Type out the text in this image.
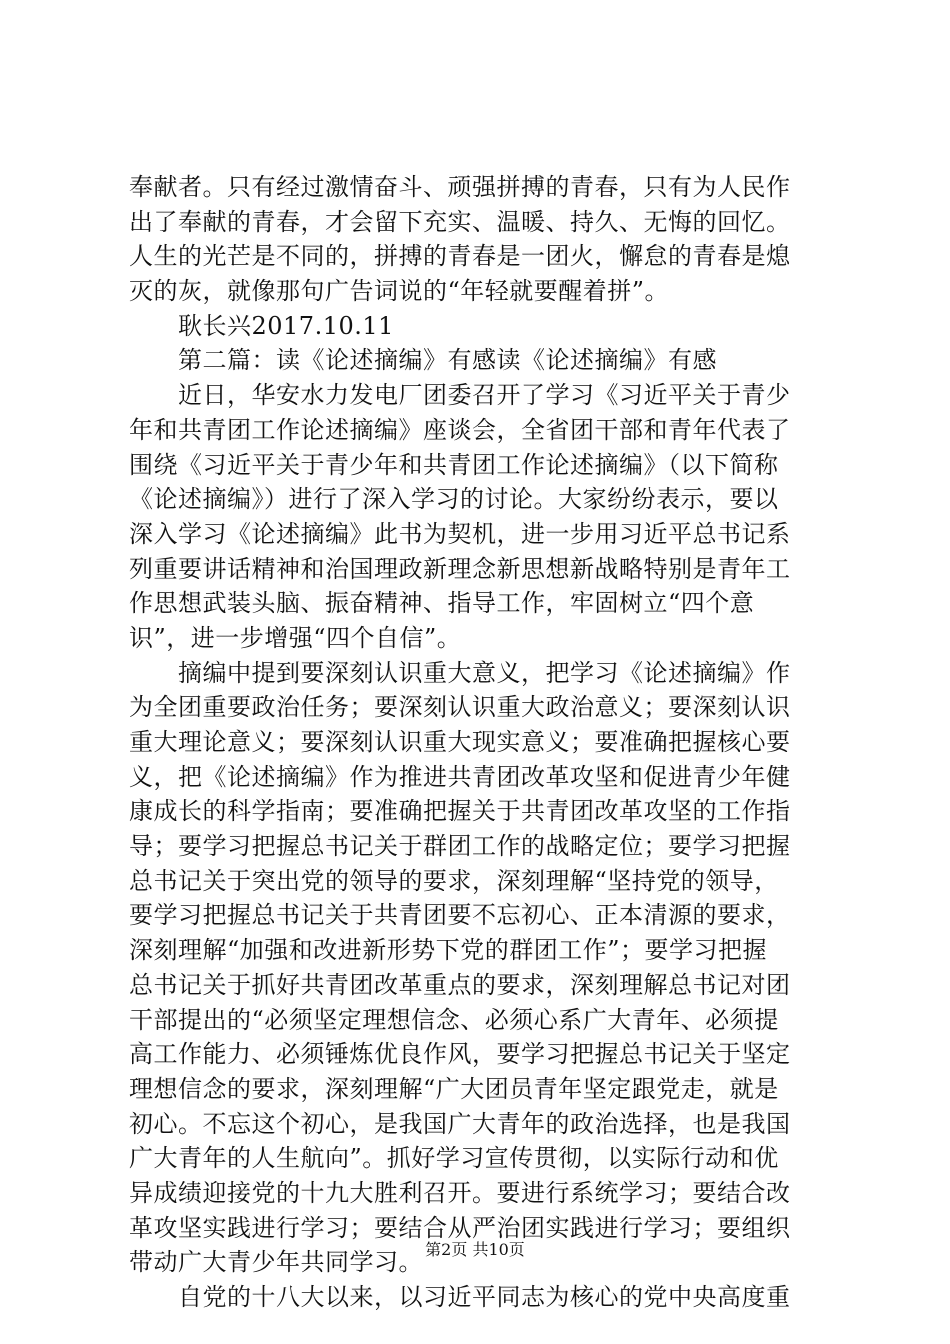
奉献者。只有经过激情奋斗、顽强拼搏的青春，只有为人民作
出了奉献的青春，才会留下充实、温暖、持久、无悔的回忆。
人生的光芒是不同的，拼搏的青春是一团火，懈怠的青春是熄
灭的灰，就像那句广告词说的“年轻就要醒着拼”。
　　耿长兴2017.10.11
　　第二篇：读《论述摘编》有感读《论述摘编》有感
　　近日，华安水力发电厂团委召开了学习《习近平关于青少
年和共青团工作论述摘编》座谈会，全省团干部和青年代表了
围绕《习近平关于青少年和共青团工作论述摘编》（以下简称
《论述摘编》）进行了深入学习的讨论。大家纷纷表示，要以
深入学习《论述摘编》此书为契机，进一步用习近平总书记系
列重要讲话精神和治国理政新理念新思想新战略特别是青年工
作思想武装头脑、振奋精神、指导工作，牢固树立“四个意
识”，进一步增强“四个自信”。
　　摘编中提到要深刻认识重大意义，把学习《论述摘编》作
为全团重要政治任务；要深刻认识重大政治意义；要深刻认识
重大理论意义；要深刻认识重大现实意义；要准确把握核心要
义，把《论述摘编》作为推进共青团改革攻坚和促进青少年健
康成长的科学指南；要准确把握关于共青团改革攻坚的工作指
导；要学习把握总书记关于群团工作的战略定位；要学习把握
总书记关于突出党的领导的要求，深刻理解“坚持党的领导，
要学习把握总书记关于共青团要不忘初心、正本清源的要求，
深刻理解“加强和改进新形势下党的群团工作”；要学习把握
总书记关于抓好共青团改革重点的要求，深刻理解总书记对团
干部提出的“必须坚定理想信念、必须心系广大青年、必须提
高工作能力、必须锤炼优良作风，要学习把握总书记关于坚定
理想信念的要求，深刻理解“广大团员青年坚定跟党走，就是
初心。不忘这个初心，是我国广大青年的政治选择，也是我国
广大青年的人生航向”。抓好学习宣传贯彻，以实际行动和优
异成绩迎接党的十九大胜利召开。要进行系统学习；要结合改
革攻坚实践进行学习；要结合从严治团实践进行学习；要组织
带动广大青少年共同学习。
　　自党的十八大以来，以习近平同志为核心的党中央高度重
第2页 共10页
